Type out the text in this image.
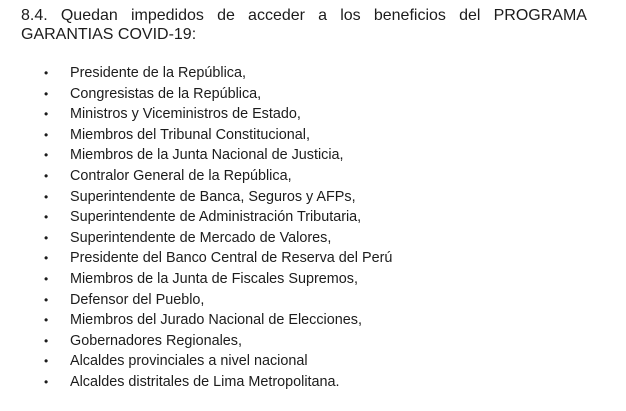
8.4. Quedan impedidos de acceder a los beneficios del PROGRAMA
GARANTIAS COVID-19:
• Presidente de la República,
• Congresistas de la República,
• Ministros y Viceministros de Estado,
• Miembros del Tribunal Constitucional,
• Miembros de la Junta Nacional de Justicia,
• Contralor General de la República,
• Superintendente de Banca, Seguros y AFPs,
• Superintendente de Administración Tributaria,
• Superintendente de Mercado de Valores,
• Presidente del Banco Central de Reserva del Perú
• Miembros de la Junta de Fiscales Supremos,
• Defensor del Pueblo,
• Miembros del Jurado Nacional de Elecciones,
• Gobernadores Regionales,
• Alcaldes provinciales a nivel nacional
• Alcaldes distritales de Lima Metropolitana.
